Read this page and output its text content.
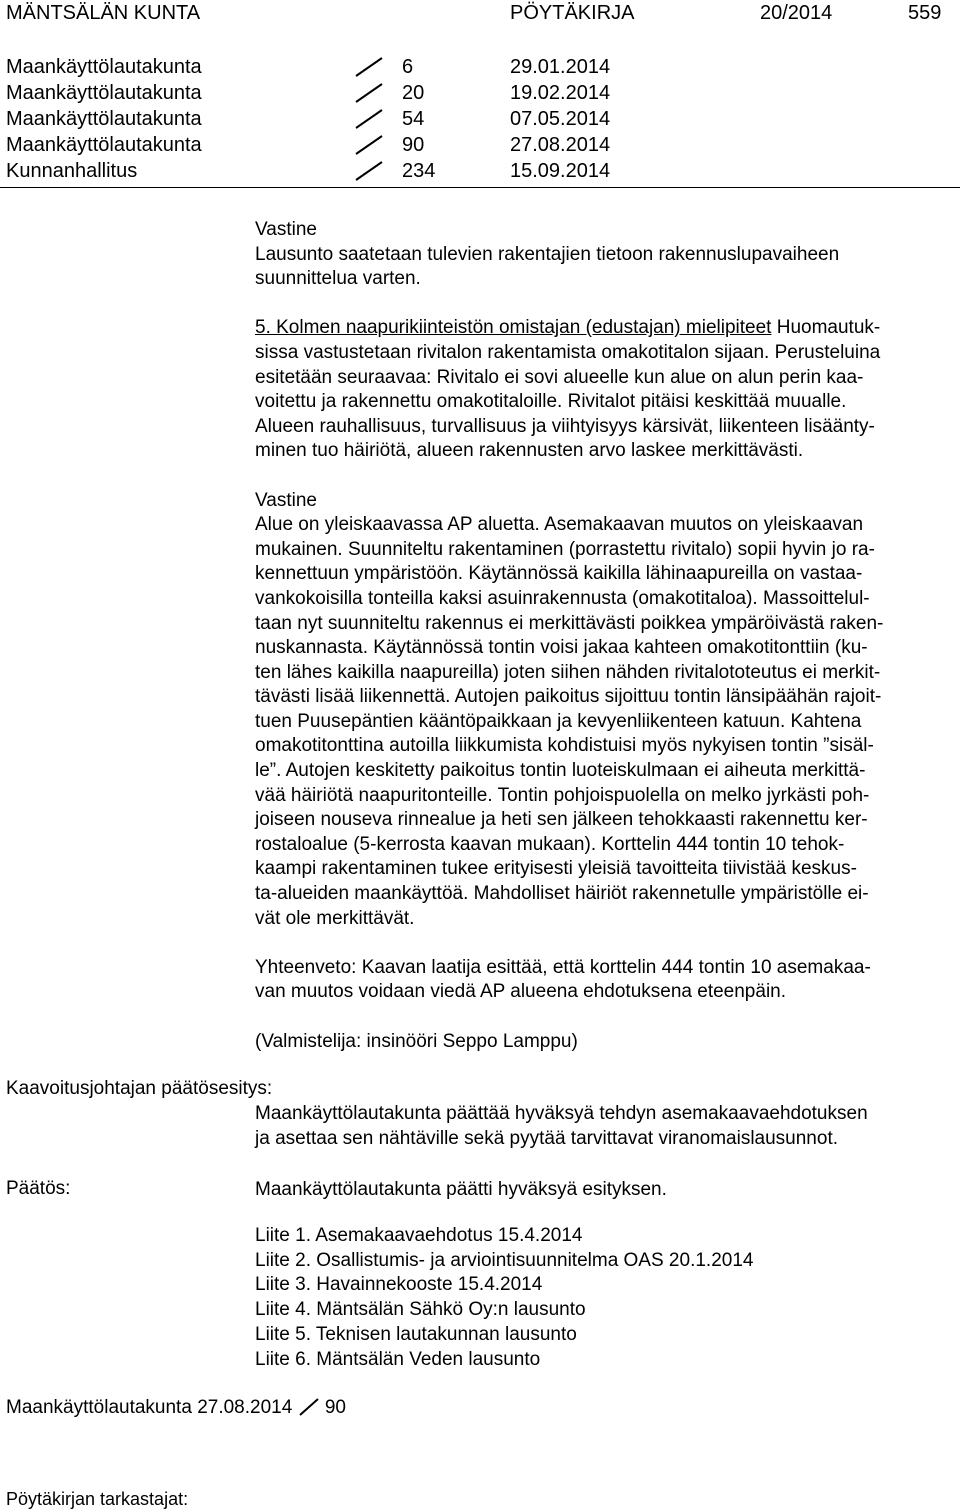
MÄNTSÄLÄN KUNTA	PÖYTÄKIRJA	20/2014	559
Maankäyttölautakunta	6	29.01.2014
Maankäyttölautakunta	20	19.02.2014
Maankäyttölautakunta	54	07.05.2014
Maankäyttölautakunta	90	27.08.2014
Kunnanhallitus	234	15.09.2014

Vastine

Lausunto saatetaan tulevien rakentajien tietoon rakennuslupavaiheen
suunnittelua varten.

5. Kolmen naapurikiinteistön omistajan (edustajan) mielipiteet Huomautuk-
sissa vastustetaan rivitalon rakentamista omakotitalon sijaan. Perusteluina
esitetään seuraavaa: Rivitalo ei sovi alueelle kun alue on alun perin kaa-
voitettu ja rakennettu omakotitaloille. Rivitalot pitäisi keskittää muualle.
Alueen rauhallisuus, turvallisuus ja viihtyisyys kärsivät, liikenteen lisäänty-
minen tuo häiriötä, alueen rakennusten arvo laskee merkittävästi.

Vastine

Alue on yleiskaavassa AP aluetta. Asemakaavan muutos on yleiskaavan
mukainen. Suunniteltu rakentaminen (porrastettu rivitalo) sopii hyvin jo ra-
kennettuun ympäristöön. Käytännössä kaikilla lähinaapureilla on vastaa-
vankokoisilla tonteilla kaksi asuinrakennusta (omakotitaloa). Massoittelul-
taan nyt suunniteltu rakennus ei merkittävästi poikkea ympäröivästä raken-
nuskannasta. Käytännössä tontin voisi jakaa kahteen omakotitonttiin (ku-
ten lähes kaikilla naapureilla) joten siihen nähden rivitalototeutus ei merkit-
tävästi lisää liikennettä. Autojen paikoitus sijoittuu tontin länsipäähän rajoit-
tuen Puusepäntien kääntöpaikkaan ja kevyenliikenteen katuun. Kahtena
omakotitonttina autoilla liikkumista kohdistuisi myös nykyisen tontin ”sisäl-
le”. Autojen keskitetty paikoitus tontin luoteiskulmaan ei aiheuta merkittä-
vää häiriötä naapuritonteille. Tontin pohjoispuolella on melko jyrkästi poh-
joiseen nouseva rinnealue ja heti sen jälkeen tehokkaasti rakennettu ker-
rostaloalue (5-kerrosta kaavan mukaan). Korttelin 444 tontin 10 tehok-
kaampi rakentaminen tukee erityisesti yleisiä tavoitteita tiivistää keskus-
ta-alueiden maankäyttöä. Mahdolliset häiriöt rakennetulle ympäristölle ei-
vät ole merkittävät.

Yhteenveto: Kaavan laatija esittää, että korttelin 444 tontin 10 asemakaa-
van muutos voidaan viedä AP alueena ehdotuksena eteenpäin.

(Valmistelija: insinööri Seppo Lamppu)

Kaavoitusjohtajan päätösesitys:
Maankäyttölautakunta päättää hyväksyä tehdyn asemakaavaehdotuksen
ja asettaa sen nähtäville sekä pyytää tarvittavat viranomaislausunnot.
Päätös:	Maankäyttölautakunta päätti hyväksyä esityksen.
Liite 1. Asemakaavaehdotus 15.4.2014
Liite 2. Osallistumis- ja arviointisuunnitelma OAS 20.1.2014
Liite 3. Havainnekooste 15.4.2014
Liite 4. Mäntsälän Sähkö Oy:n lausunto
Liite 5. Teknisen lautakunnan lausunto
Liite 6. Mäntsälän Veden lausunto
Maankäyttölautakunta 27.08.2014 90
Pöytäkirjan tarkastajat:
